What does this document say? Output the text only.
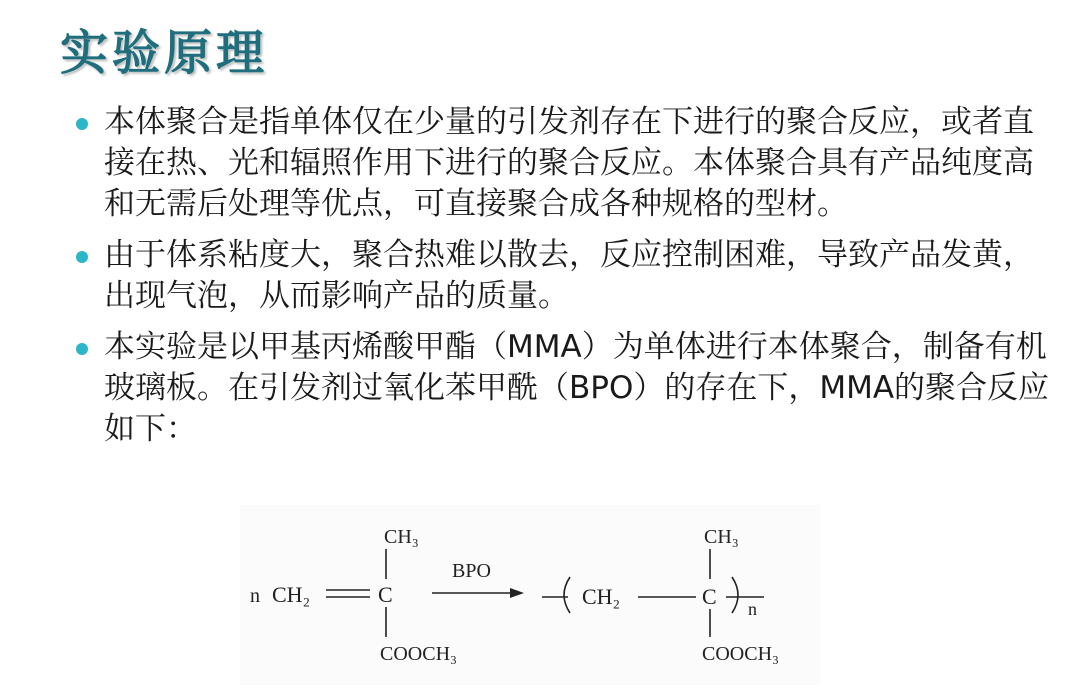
实验原理
本体聚合是指单体仅在少量的引发剂存在下进行的聚合反应，或者直接在热、光和辐照作用下进行的聚合反应。本体聚合具有产品纯度高和无需后处理等优点，可直接聚合成各种规格的型材。
由于体系粘度大，聚合热难以散去，反应控制困难，导致产品发黄，出现气泡，从而影响产品的质量。
本实验是以甲基丙烯酸甲酯（MMA）为单体进行本体聚合，制备有机玻璃板。在引发剂过氧化苯甲酰（BPO）的存在下，MMA的聚合反应如下：
n CH₂	C
CH₃
COOCH₃
BPO
CH₂	C
CH₃
COOCH₃
n
